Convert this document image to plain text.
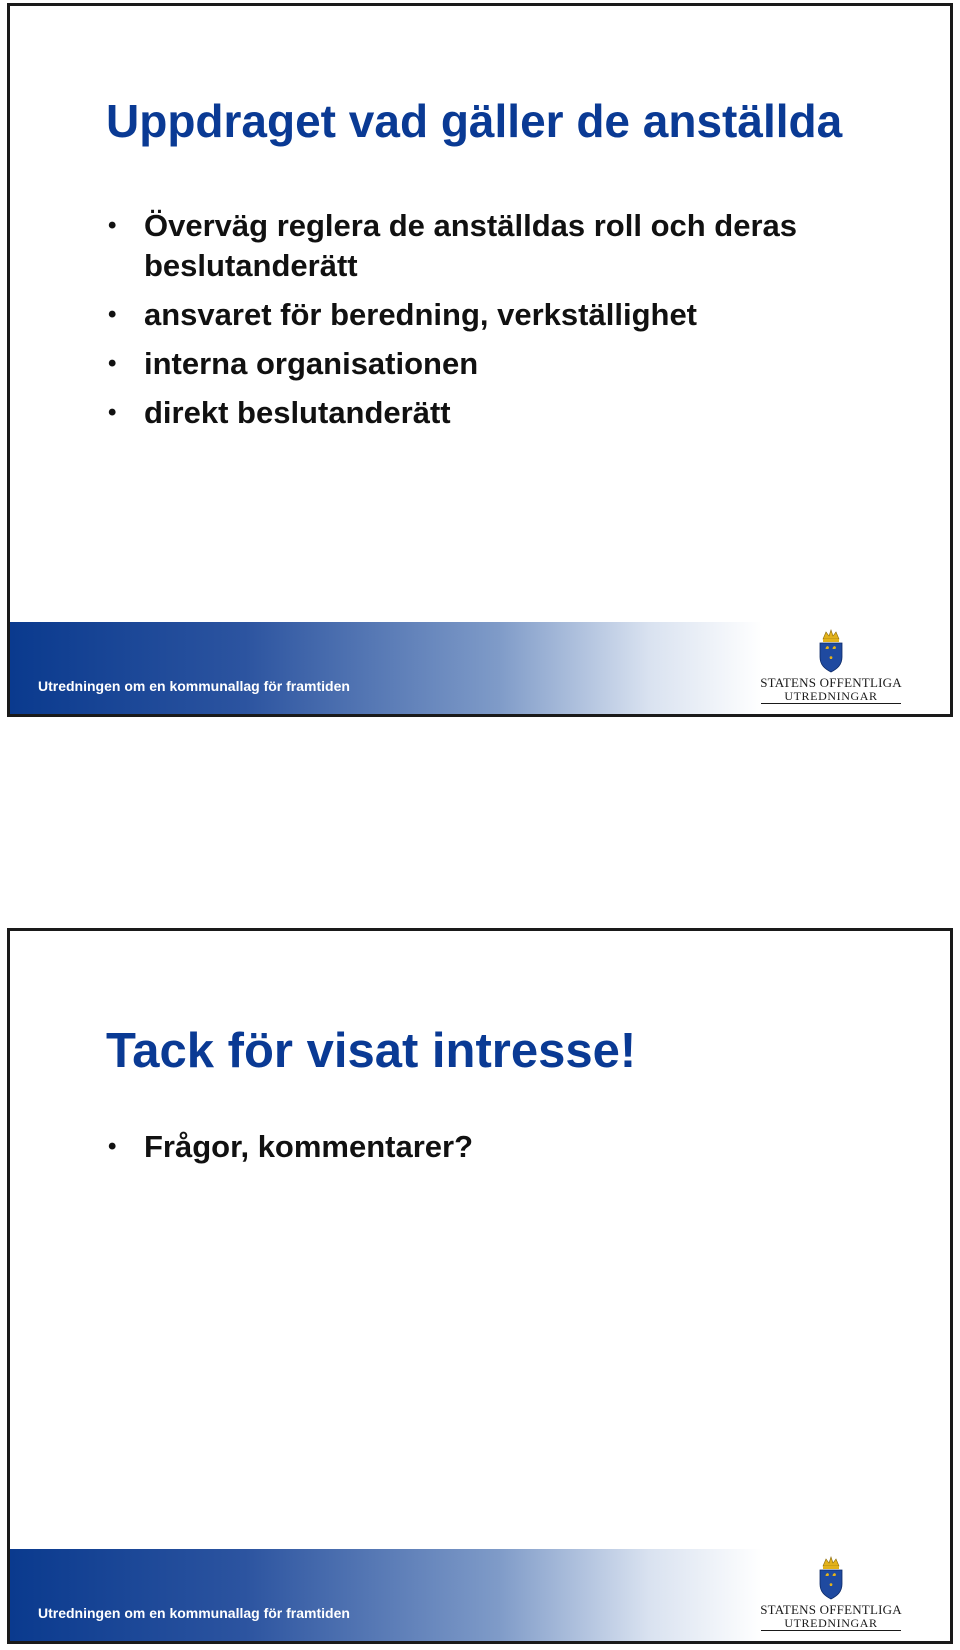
Uppdraget vad gäller de anställda
• Överväg reglera de anställdas roll och deras beslutanderätt
• ansvaret för beredning, verkställighet
• interna organisationen
• direkt beslutanderätt
Utredningen om en kommunallag för framtiden	STATENS OFFENTLIGA
UTREDNINGAR
Tack för visat intresse!
• Frågor, kommentarer?
Utredningen om en kommunallag för framtiden	STATENS OFFENTLIGA
UTREDNINGAR
